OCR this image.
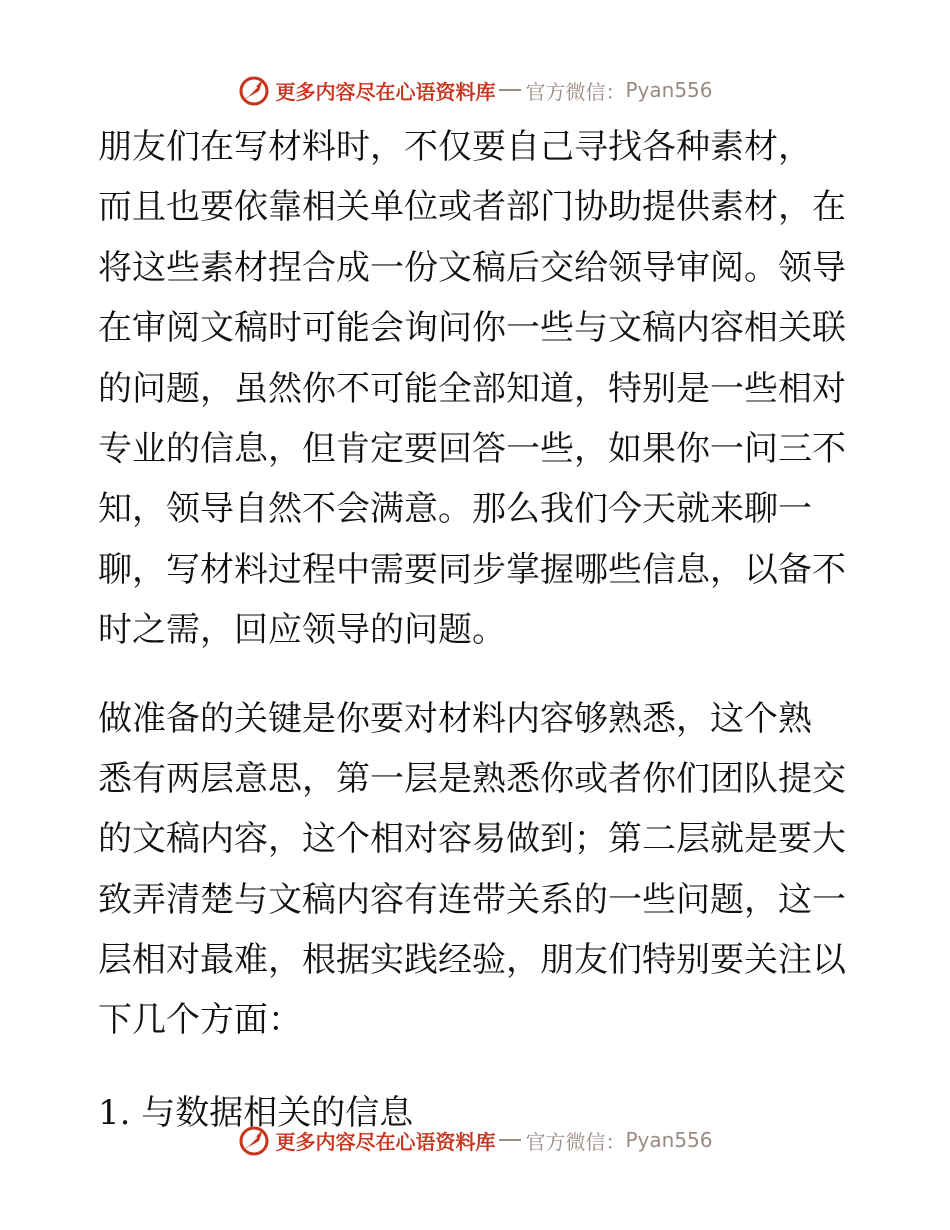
更多内容尽在心语资料库 官方微信： Pyan556
朋友们在写材料时，不仅要自己寻找各种素材，
而且也要依靠相关单位或者部门协助提供素材，在
将这些素材捏合成一份文稿后交给领导审阅。领导
在审阅文稿时可能会询问你一些与文稿内容相关联
的问题，虽然你不可能全部知道，特别是一些相对
专业的信息，但肯定要回答一些，如果你一问三不
知，领导自然不会满意。那么我们今天就来聊一
聊，写材料过程中需要同步掌握哪些信息，以备不
时之需，回应领导的问题。
做准备的关键是你要对材料内容够熟悉，这个熟
悉有两层意思，第一层是熟悉你或者你们团队提交
的文稿内容，这个相对容易做到；第二层就是要大
致弄清楚与文稿内容有连带关系的一些问题，这一
层相对最难，根据实践经验，朋友们特别要关注以
下几个方面：
1. 与数据相关的信息
更多内容尽在心语资料库 官方微信： Pyan556
